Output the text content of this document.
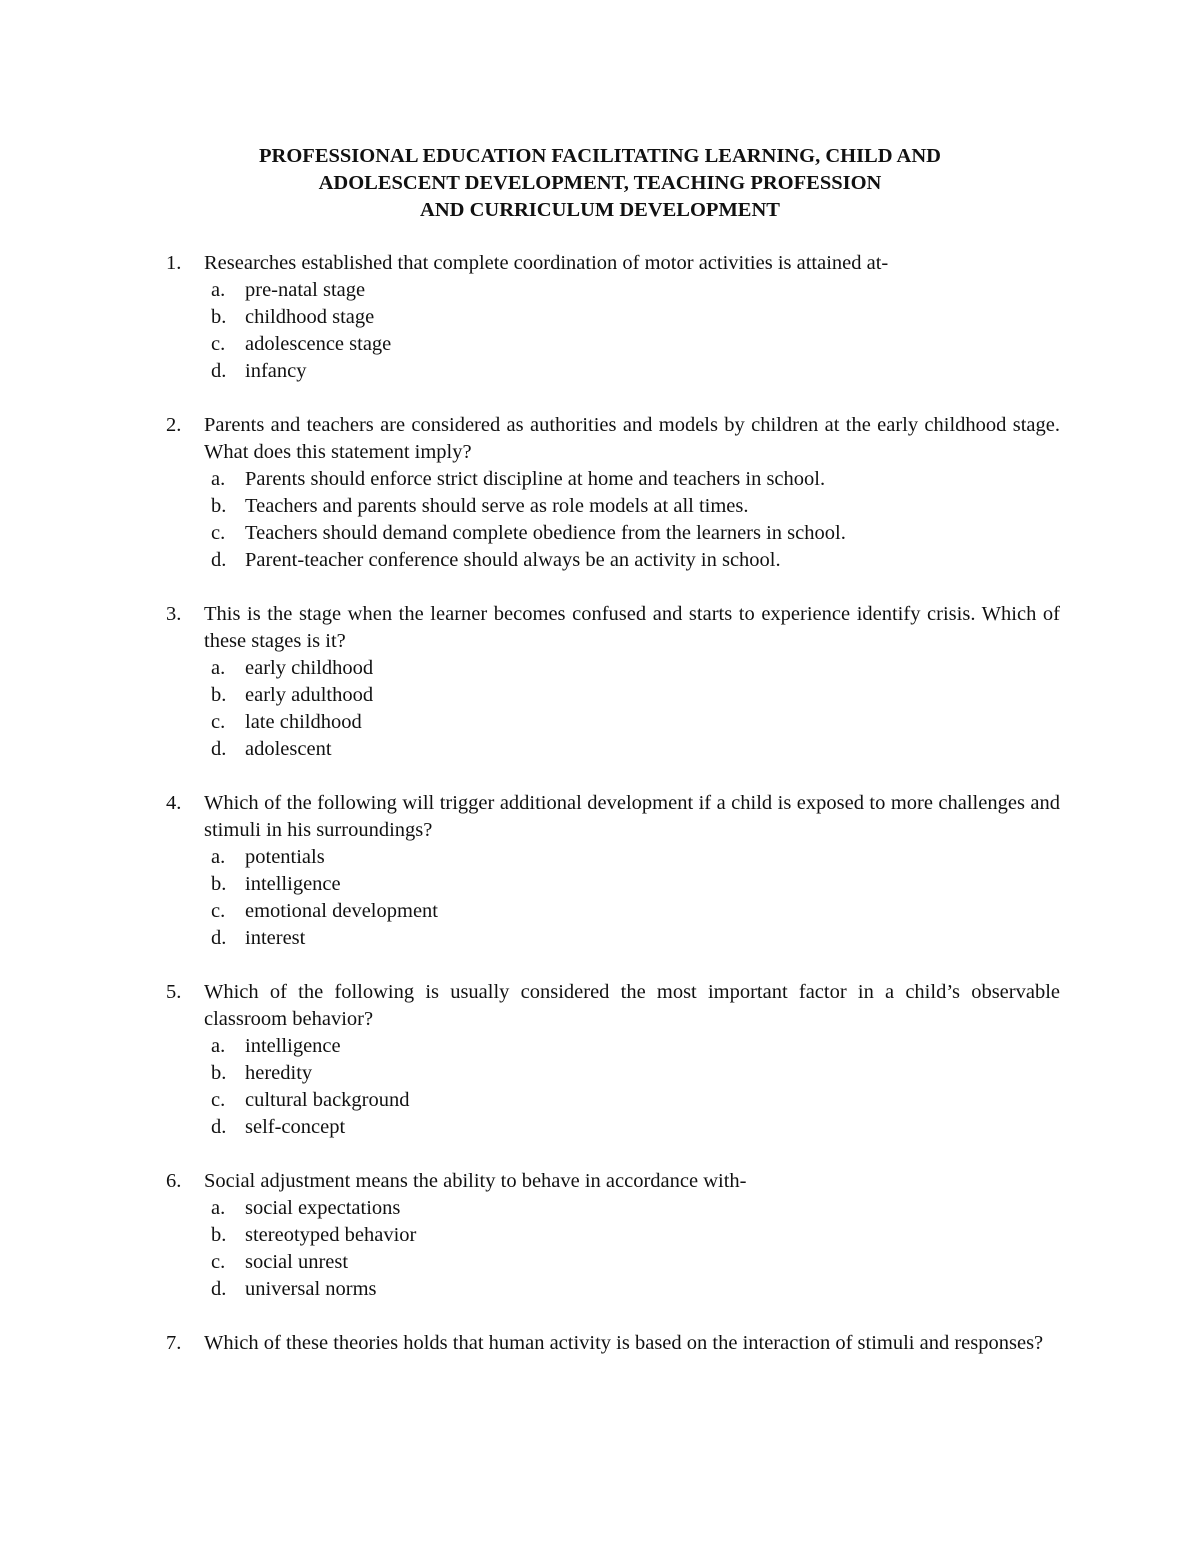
PROFESSIONAL EDUCATION FACILITATING LEARNING, CHILD AND
ADOLESCENT DEVELOPMENT, TEACHING PROFESSION
AND CURRICULUM DEVELOPMENT
1.	Researches established that complete coordination of motor activities is attained at-
a. pre-natal stage
b. childhood stage
c. adolescence stage
d. infancy
2.	Parents and teachers are considered as authorities and models by children at the early childhood stage. What does this statement imply?
a. Parents should enforce strict discipline at home and teachers in school.
b. Teachers and parents should serve as role models at all times.
c. Teachers should demand complete obedience from the learners in school.
d. Parent-teacher conference should always be an activity in school.
3.	This is the stage when the learner becomes confused and starts to experience identify crisis. Which of these stages is it?
a. early childhood
b. early adulthood
c. late childhood
d. adolescent
4.	Which of the following will trigger additional development if a child is exposed to more challenges and stimuli in his surroundings?
a. potentials
b. intelligence
c. emotional development
d. interest
5.	Which of the following is usually considered the most important factor in a child’s observable classroom behavior?
a. intelligence
b. heredity
c. cultural background
d. self-concept
6.	Social adjustment means the ability to behave in accordance with-
a. social expectations
b. stereotyped behavior
c. social unrest
d. universal norms
7.	Which of these theories holds that human activity is based on the interaction of stimuli and responses?
